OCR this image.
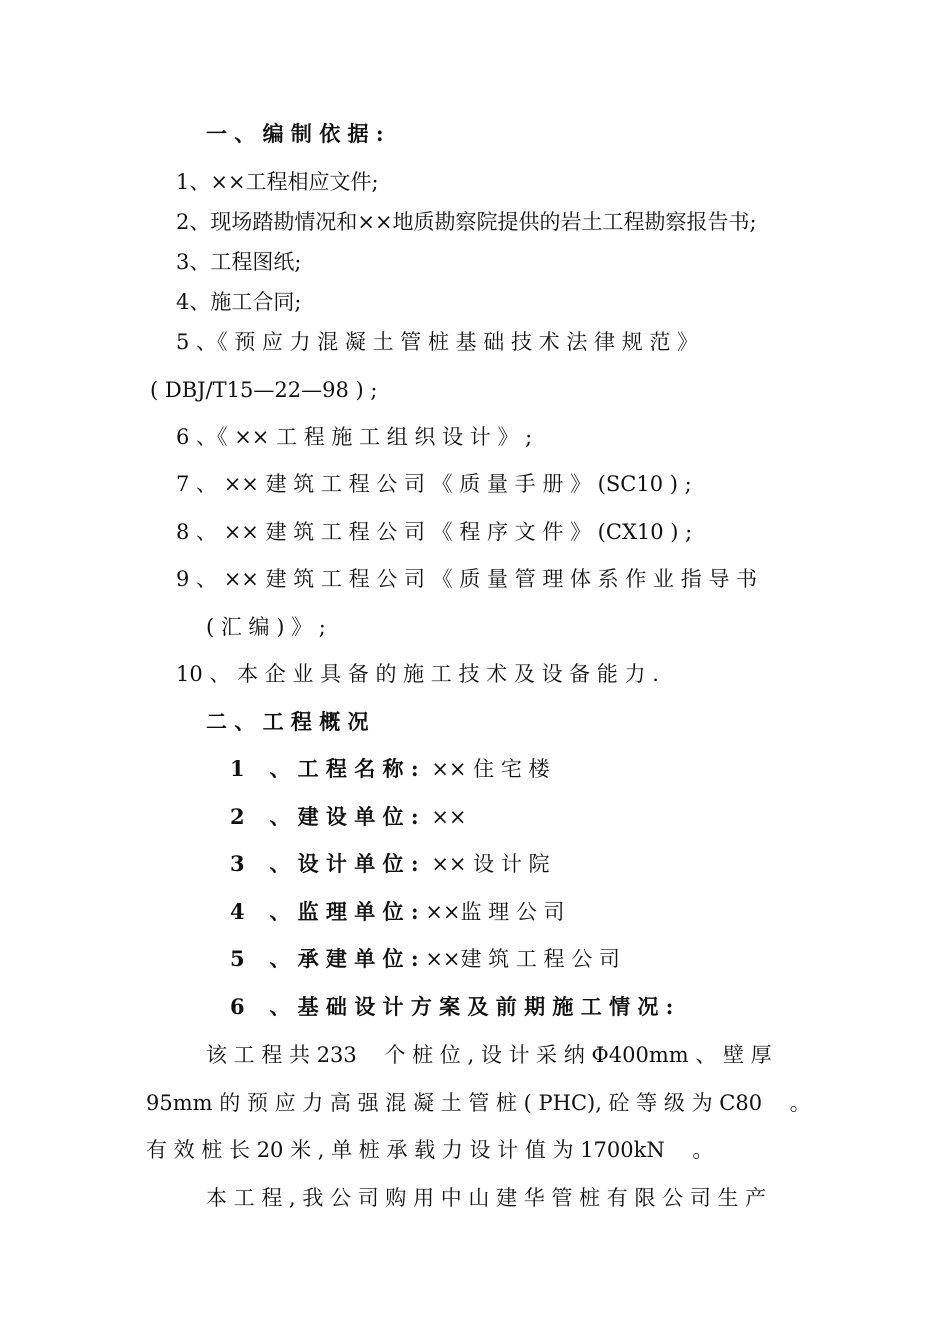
一 、 编 制 依 据 :
1、××工程相应文件;
2、现场踏勘情况和××地质勘察院提供的岩土工程勘察报告书;
3、工程图纸;
4、施工合同;
5 、《 预 应 力 混 凝 土 管 桩 基 础 技 术 法 律 规 范 》
( DBJ/T15—22—98 ) ;
6 、《 ×× 工 程 施 工 组 织 设 计 》 ;
7 、 ×× 建 筑 工 程 公 司 《 质 量 手 册 》 (SC10 ) ;
8 、 ×× 建 筑 工 程 公 司 《 程 序 文 件 》 (CX10 ) ;
9 、 ×× 建 筑 工 程 公 司 《 质 量 管 理 体 系 作 业 指 导 书
( 汇 编 ) 》 ;
10 、 本 企 业 具 备 的 施 工 技 术 及 设 备 能 力 .
二 、 工 程 概 况
1 、 工 程 名 称 : ×× 住 宅 楼
2 、 建 设 单 位 : ××
3 、 设 计 单 位 : ×× 设 计 院
4 、 监 理 单 位 : ××监 理 公 司
5 、 承 建 单 位 : ××建 筑 工 程 公 司
6 、 基 础 设 计 方 案 及 前 期 施 工 情 况 :
该 工 程 共 233　 个 桩 位 , 设 计 采 纳 Φ400mm 、 壁 厚
95mm 的 预 应 力 高 强 混 凝 土 管 桩 ( PHC), 砼 等 级 为 C80　 。
有 效 桩 长 20 米 , 单 桩 承 载 力 设 计 值 为 1700kN　 。
本 工 程 , 我 公 司 购 用 中 山 建 华 管 桩 有 限 公 司 生 产
